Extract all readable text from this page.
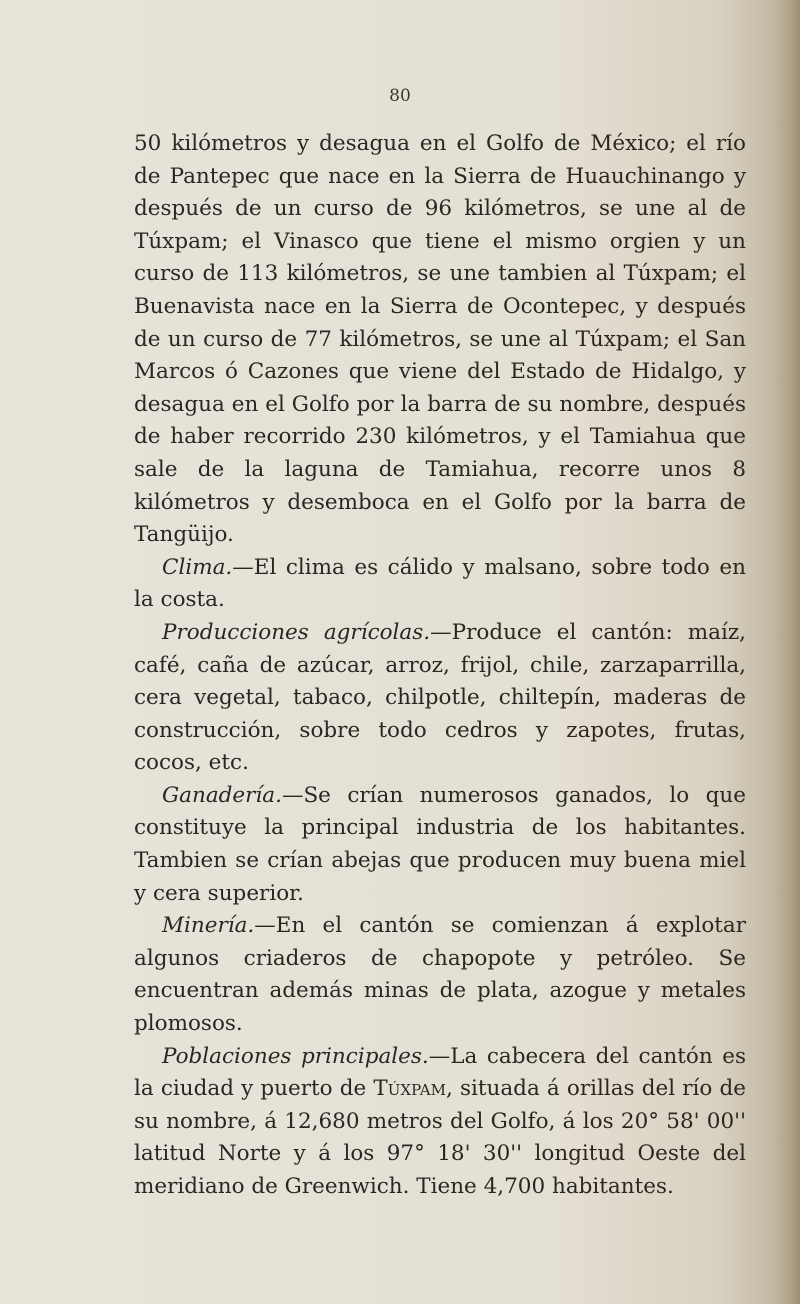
80

50 kilómetros y desagua en el Golfo de México; el río de Pantepec que nace en la Sierra de Huauchinango y después de un curso de 96 kilómetros, se une al de Túxpam; el Vinasco que tiene el mismo orgien y un curso de 113 kilómetros, se une tambien al Túxpam; el Buenavista nace en la Sierra de Ocontepec, y después de un curso de 77 kilómetros, se une al Túxpam; el San Marcos ó Cazones que viene del Estado de Hidalgo, y desagua en el Golfo por la barra de su nombre, después de haber recorrido 230 kilómetros, y el Tamiahua que sale de la laguna de Tamiahua, recorre unos 8 kilómetros y desemboca en el Golfo por la barra de Tangüijo.

Clima.—El clima es cálido y malsano, sobre todo en la costa.

Producciones agrícolas.—Produce el cantón: maíz, café, caña de azúcar, arroz, frijol, chile, zarzaparrilla, cera vegetal, tabaco, chilpotle, chiltepín, maderas de construcción, sobre todo cedros y zapotes, frutas, cocos, etc.

Ganadería.—Se crían numerosos ganados, lo que constituye la principal industria de los habitantes. Tambien se crían abejas que producen muy buena miel y cera superior.

Minería.—En el cantón se comienzan á explotar algunos criaderos de chapopote y petróleo. Se encuentran además minas de plata, azogue y metales plomosos.

Poblaciones principales.—La cabecera del cantón es la ciudad y puerto de Túxpam, situada á orillas del río de su nombre, á 12,680 metros del Golfo, á los 20° 58' 00'' latitud Norte y á los 97° 18' 30'' longitud Oeste del meridiano de Greenwich. Tiene 4,700 habitantes.
